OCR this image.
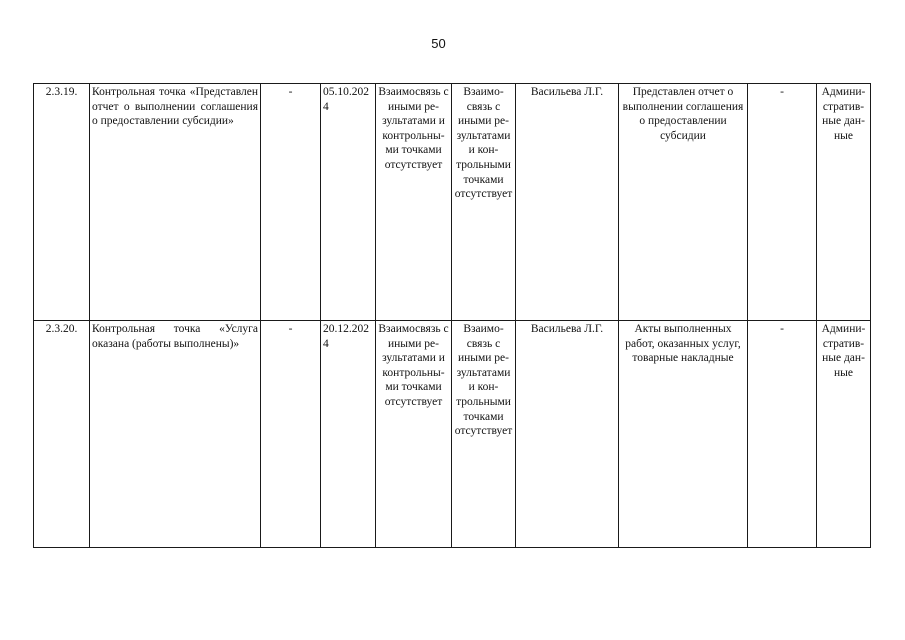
50
2.3.19.	Контрольная точка «Представлен отчет о выполнении соглашения о предоставлении субсидии»	-	05.10.2024	Взаимосвязь с иными результатами и контрольными точками отсутствует	Взаимосвязь с иными результатами и контрольными точками отсутствует	Васильева Л.Г.	Представлен отчет о выполнении соглашения о предоставлении субсидии	-	Административные данные
2.3.20.	Контрольная точка «Услуга оказана (работы выполнены)»	-	20.12.2024	Взаимосвязь с иными результатами и контрольными точками отсутствует	Взаимосвязь с иными результатами и контрольными точками отсутствует	Васильева Л.Г.	Акты выполненных работ, оказанных услуг, товарные накладные	-	Административные данные
